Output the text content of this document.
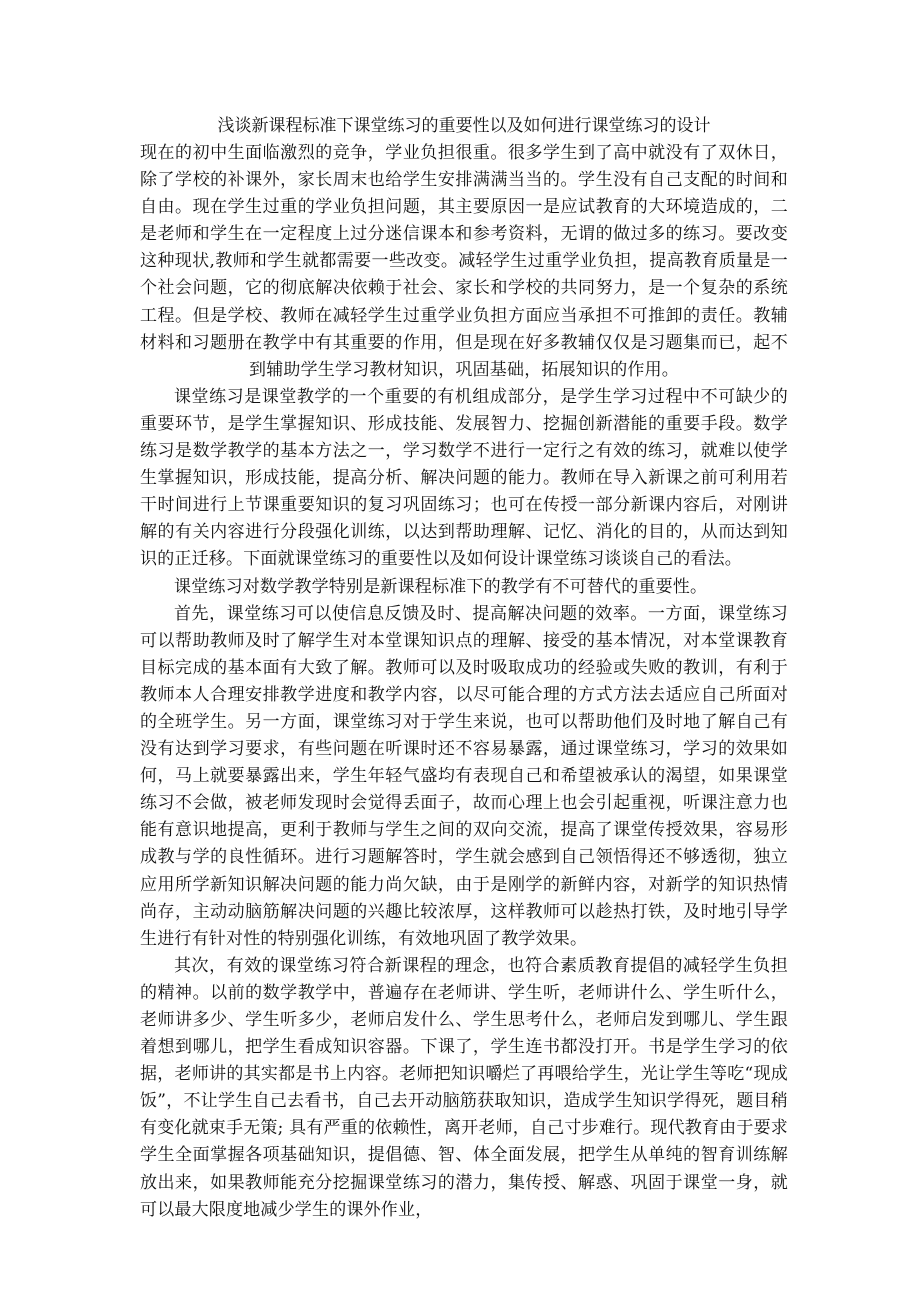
浅谈新课程标准下课堂练习的重要性以及如何进行课堂练习的设计

现在的初中生面临激烈的竞争，学业负担很重。很多学生到了高中就没有了双休日，除了学校的补课外，家长周末也给学生安排满满当当的。学生没有自己支配的时间和自由。现在学生过重的学业负担问题，其主要原因一是应试教育的大环境造成的，二是老师和学生在一定程度上过分迷信课本和参考资料，无谓的做过多的练习。要改变这种现状,教师和学生就都需要一些改变。减轻学生过重学业负担，提高教育质量是一个社会问题，它的彻底解决依赖于社会、家长和学校的共同努力，是一个复杂的系统工程。但是学校、教师在减轻学生过重学业负担方面应当承担不可推卸的责任。教辅材料和习题册在教学中有其重要的作用，但是现在好多教辅仅仅是习题集而已，起不到辅助学生学习教材知识，巩固基础，拓展知识的作用。

课堂练习是课堂教学的一个重要的有机组成部分，是学生学习过程中不可缺少的重要环节，是学生掌握知识、形成技能、发展智力、挖掘创新潜能的重要手段。数学练习是数学教学的基本方法之一，学习数学不进行一定行之有效的练习，就难以使学生掌握知识，形成技能，提高分析、解决问题的能力。教师在导入新课之前可利用若干时间进行上节课重要知识的复习巩固练习；也可在传授一部分新课内容后，对刚讲解的有关内容进行分段强化训练，以达到帮助理解、记忆、消化的目的，从而达到知识的正迁移。下面就课堂练习的重要性以及如何设计课堂练习谈谈自己的看法。

课堂练习对数学教学特别是新课程标准下的教学有不可替代的重要性。

首先，课堂练习可以使信息反馈及时、提高解决问题的效率。一方面，课堂练习可以帮助教师及时了解学生对本堂课知识点的理解、接受的基本情况，对本堂课教育目标完成的基本面有大致了解。教师可以及时吸取成功的经验或失败的教训，有利于教师本人合理安排教学进度和教学内容，以尽可能合理的方式方法去适应自己所面对的全班学生。另一方面，课堂练习对于学生来说，也可以帮助他们及时地了解自己有没有达到学习要求，有些问题在听课时还不容易暴露，通过课堂练习，学习的效果如何，马上就要暴露出来，学生年轻气盛均有表现自己和希望被承认的渴望，如果课堂练习不会做，被老师发现时会觉得丢面子，故而心理上也会引起重视，听课注意力也能有意识地提高，更利于教师与学生之间的双向交流，提高了课堂传授效果，容易形成教与学的良性循环。进行习题解答时，学生就会感到自己领悟得还不够透彻，独立应用所学新知识解决问题的能力尚欠缺，由于是刚学的新鲜内容，对新学的知识热情尚存，主动动脑筋解决问题的兴趣比较浓厚，这样教师可以趁热打铁，及时地引导学生进行有针对性的特别强化训练，有效地巩固了教学效果。

其次，有效的课堂练习符合新课程的理念，也符合素质教育提倡的减轻学生负担的精神。以前的数学教学中，普遍存在老师讲、学生听，老师讲什么、学生听什么，老师讲多少、学生听多少，老师启发什么、学生思考什么，老师启发到哪儿、学生跟着想到哪儿，把学生看成知识容器。下课了，学生连书都没打开。书是学生学习的依据，老师讲的其实都是书上内容。老师把知识嚼烂了再喂给学生，光让学生等吃“现成饭”，不让学生自己去看书，自己去开动脑筋获取知识，造成学生知识学得死，题目稍有变化就束手无策; 具有严重的依赖性，离开老师，自己寸步难行。现代教育由于要求学生全面掌握各项基础知识，提倡德、智、体全面发展，把学生从单纯的智育训练解放出来，如果教师能充分挖掘课堂练习的潜力，集传授、解惑、巩固于课堂一身，就可以最大限度地减少学生的课外作业，
